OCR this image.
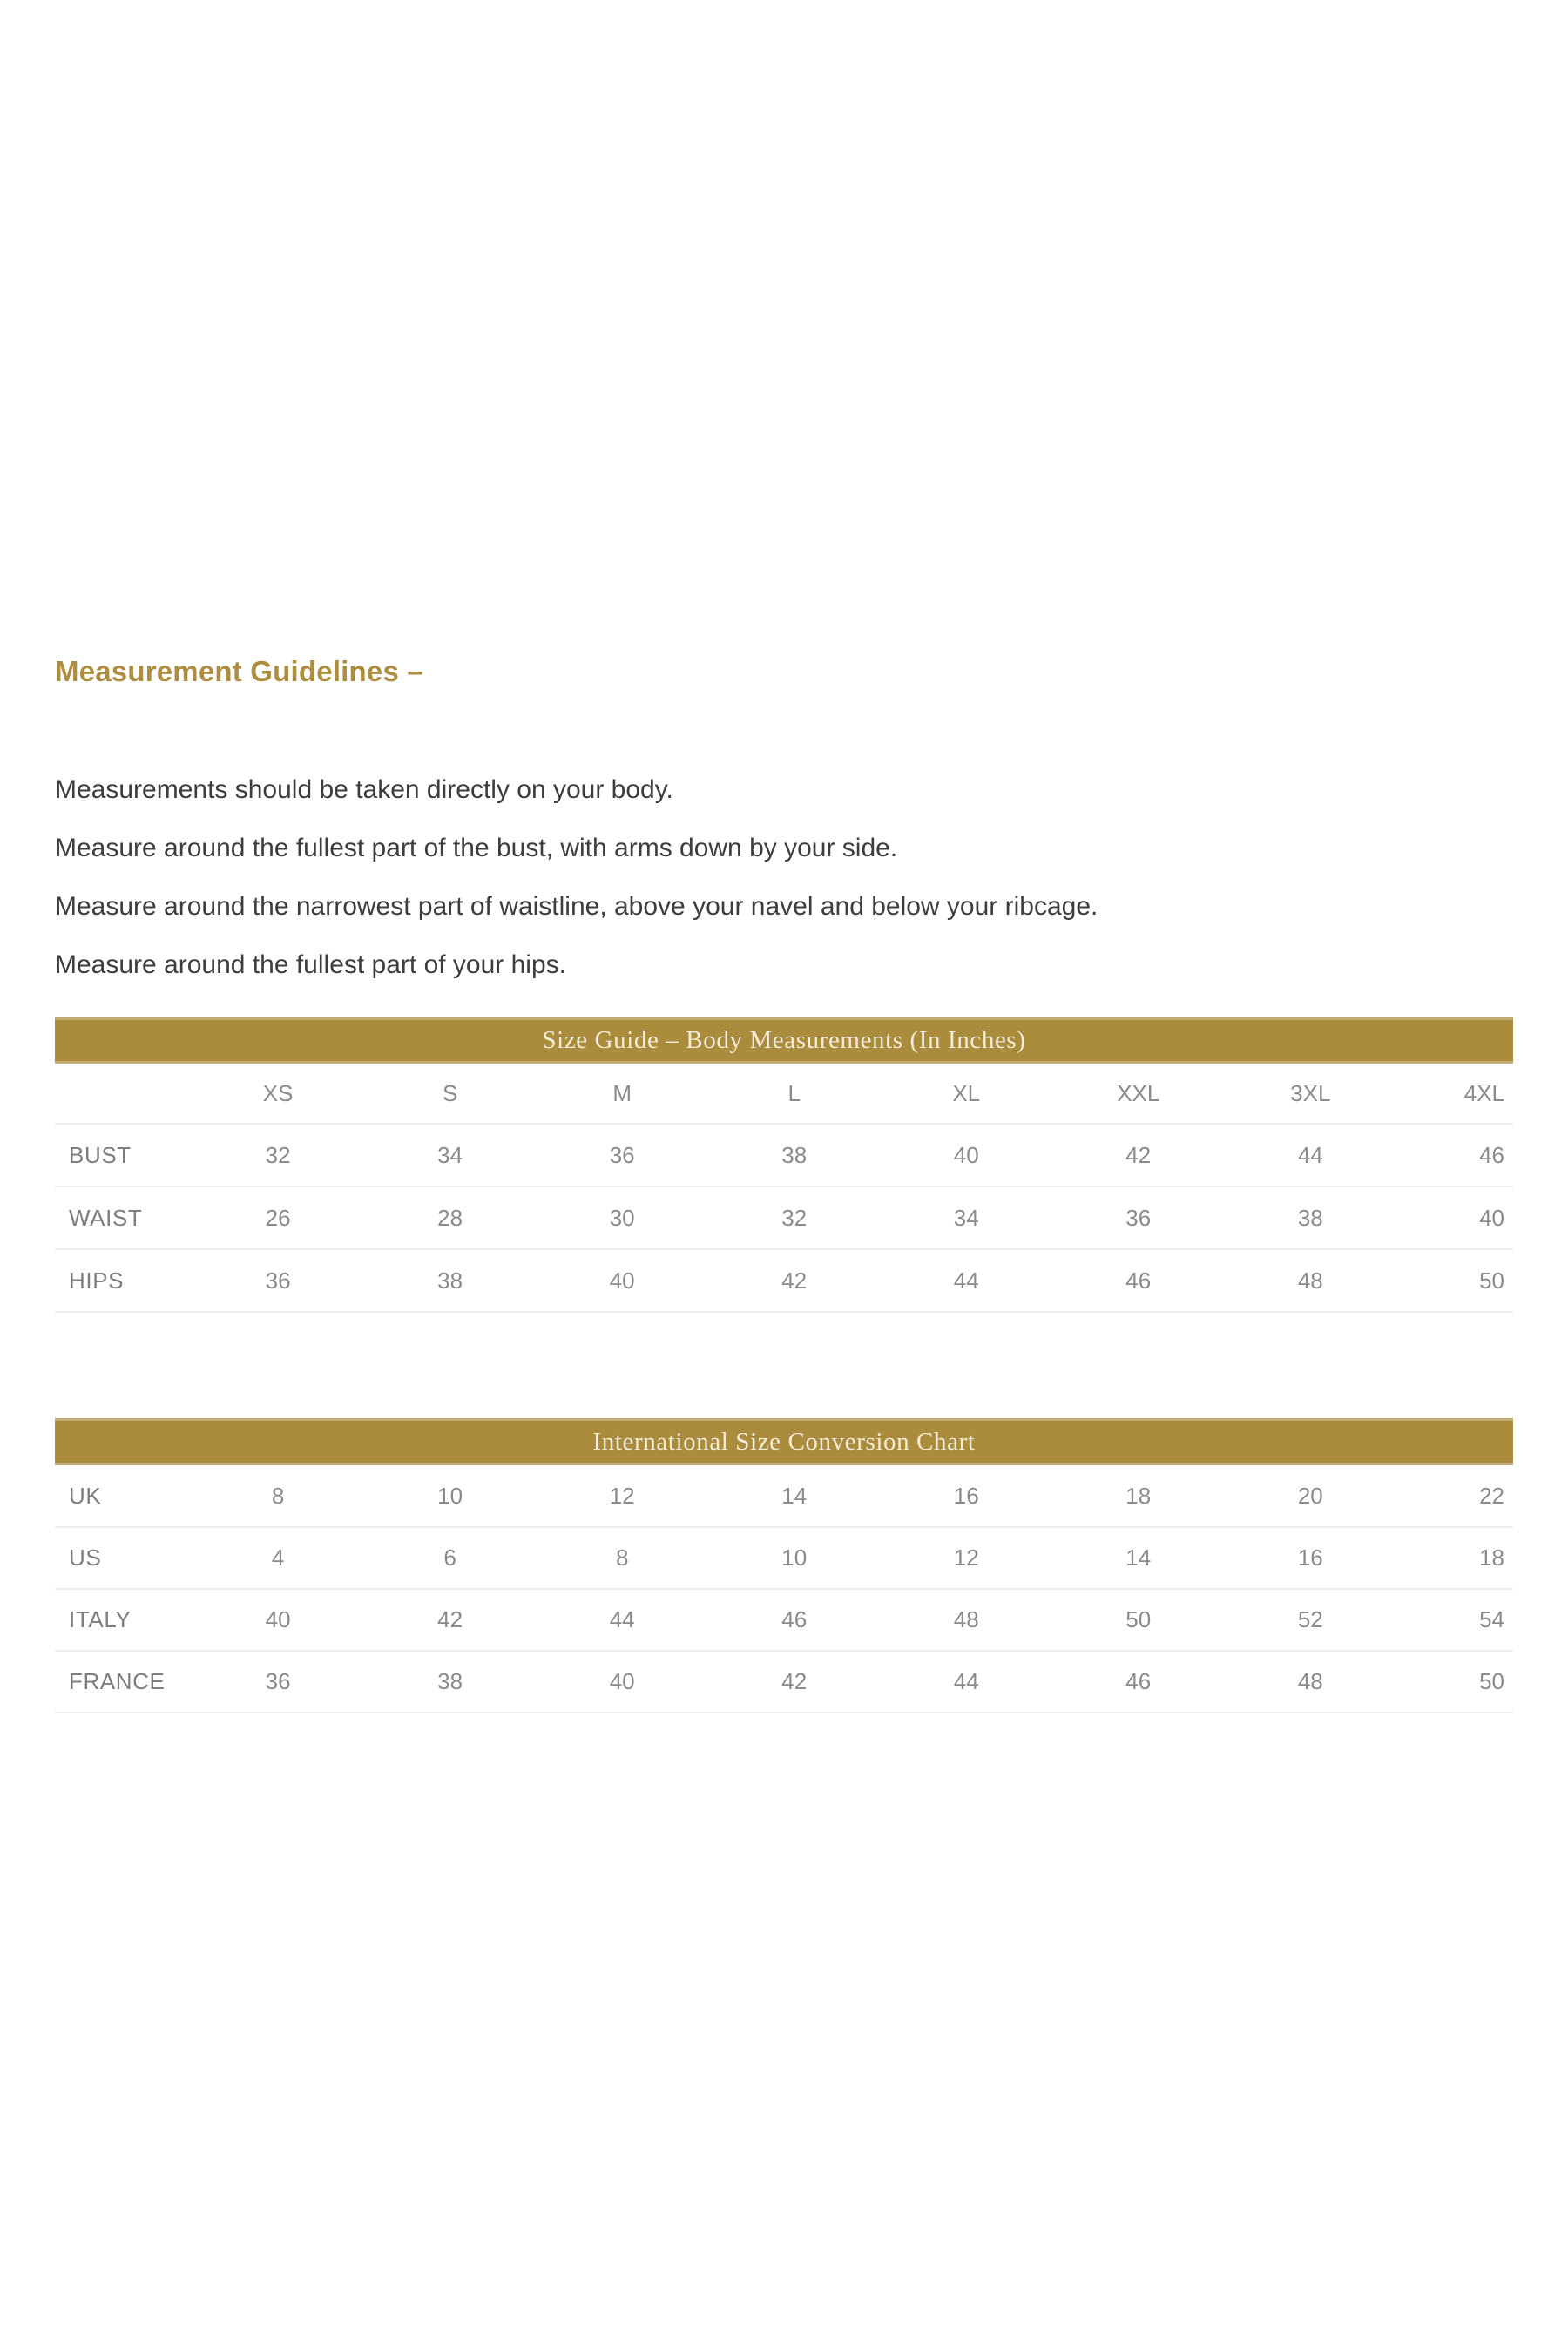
Measurement Guidelines –
Measurements should be taken directly on your body.
Measure around the fullest part of the bust, with arms down by your side.
Measure around the narrowest part of waistline, above your navel and below your ribcage.
Measure around the fullest part of your hips.
Size Guide – Body Measurements (In Inches)
	XS	S	M	L	XL	XXL	3XL	4XL
BUST	32	34	36	38	40	42	44	46
WAIST	26	28	30	32	34	36	38	40
HIPS	36	38	40	42	44	46	48	50
International Size Conversion Chart
UK	8	10	12	14	16	18	20	22
US	4	6	8	10	12	14	16	18
ITALY	40	42	44	46	48	50	52	54
FRANCE	36	38	40	42	44	46	48	50
